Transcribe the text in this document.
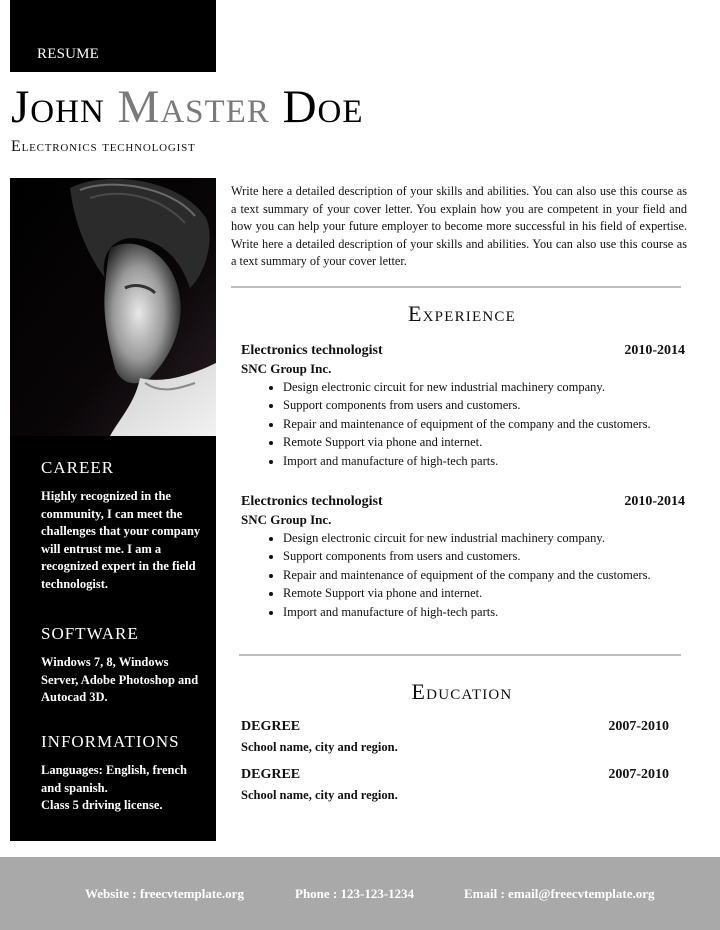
RESUME
John Master Doe
Electronics technologist
CAREER
Highly recognized in the community, I can meet the challenges that your company will entrust me. I am a recognized expert in the field technologist.
SOFTWARE
Windows 7, 8, Windows Server, Adobe Photoshop and Autocad 3D.
INFORMATIONS
Languages: English, french and spanish.
Class 5 driving license.
Write here a detailed description of your skills and abilities. You can also use this course as a text summary of your cover letter. You explain how you are competent in your field and how you can help your future employer to become more successful in his field of expertise. Write here a detailed description of your skills and abilities. You can also use this course as a text summary of your cover letter.
Experience
Electronics technologist	2010-2014
SNC Group Inc.
• Design electronic circuit for new industrial machinery company.
• Support components from users and customers.
• Repair and maintenance of equipment of the company and the customers.
• Remote Support via phone and internet.
• Import and manufacture of high-tech parts.
Electronics technologist	2010-2014
SNC Group Inc.
• Design electronic circuit for new industrial machinery company.
• Support components from users and customers.
• Repair and maintenance of equipment of the company and the customers.
• Remote Support via phone and internet.
• Import and manufacture of high-tech parts.
Education
DEGREE	2007-2010
School name, city and region.
DEGREE	2007-2010
School name, city and region.
Website : freecvtemplate.org	Phone : 123-123-1234	Email : email@freecvtemplate.org
